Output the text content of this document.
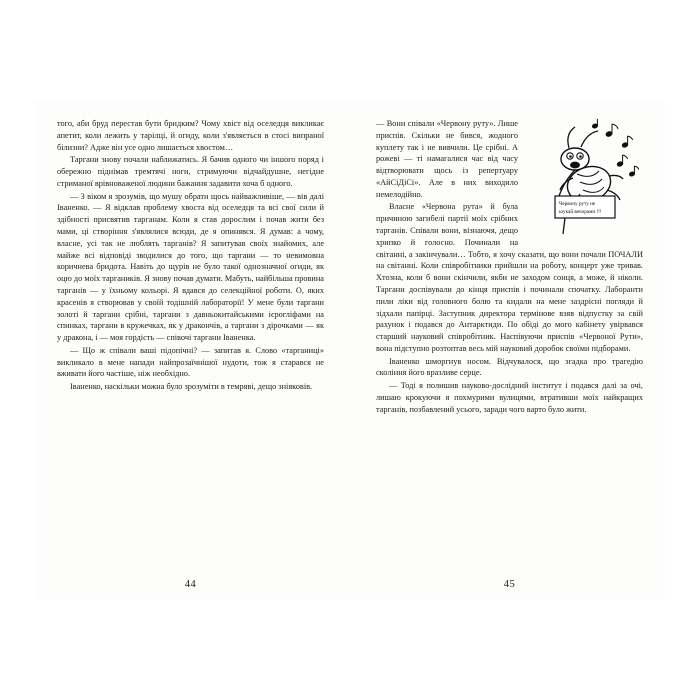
того, аби бруд перестав бути бридким? Чому хвіст від оселедця викликає апетит, коли лежить у тарілці, й огиду, коли з'являється в стосі випраної білизни? Адже він усе одно лишається хвостом…

Таргани знову почали наближатись. Я бачив одного чи іншого поряд і обережно піднімав тремтячі ноги, стримуючи відчайдушне, негідне стриманої врівноваженої людини бажання задавити хоча б одного.

— З віком я зрозумів, що мушу обрати щось найважливіше, — вів далі Іваненко. — Я відклав проблему хвоста від оселедця та всі свої сили й здібності присвятив тарганам. Коли я став дорослим і почав жити без мами, ці створіння з'являлися всюди, де я опинявся. Я думав: а чому, власне, усі так не люблять тарганів? Я запитував своїх знайомих, але майже всі відповіді зводилися до того, що таргани — то невимовна коричнева бридота. Навіть до щурів не було такої однозначної огиди, як оцю до моїх таргаників. Я знову почав думати. Мабуть, найбільша провина тарганів — у їхньому кольорі. Я вдався до селекційної роботи. О, яких красенів я створював у своїй тодішній лабораторії! У мене були таргани золоті й таргани срібні, таргани з давньокитайськими ієрогліфами на спинках, таргани в кружечках, як у дракончів, а таргани з дірочками — як у дракона, і — моя гордість — співочі таргани Іваненка.

— Що ж співали ваші підопічні? — запитав я. Слово «тарганиці» викликало в мене напади найпрозаїчнішої нудоти, тож я старався не вживати його частіше, ніж необхідно.

Іваненко, наскільки можна було зрозуміти в темряві, дещо зніяковів.

44
Червону руту не
шукай вечорами !!!

— Вони співали «Червону руту». Лише приспів. Скільки не бився, жодного куплету так і не вивчили. Це срібні. А рожеві — ті намагалися час від часу відтворювати щось із репертуару «АйСіДіСі». Але в них виходило немелодійно.

Власне «Червона рута» й була причиною загибелі партії моїх срібних тарганів. Співали вони, візнаючя, дещо хрипко й голосно. Починали на світанні, а закінчували… Тобто, я хочу сказати, що вони почали ПОЧАЛИ на світанні. Коли співробітники прийшли на роботу, концерт уже тривав. Хтозна, коли б вони скінчили, якби не заходом сонця, а може, й ніколи. Таргани доспівували до кінця приспів і починали спочатку. Лаборанти пили ліки від головного болю та кидали на мене заздрісні погляди й зідхали папірці. Заступник директора термінове взяв відпустку за свій рахунок і подався до Антарктиди. По обіді до мого кабінету увірвався старший науковий співробітник. Наспівуючи приспів «Червоної Рути», вона підступно розтоптав весь мій науковий доробок своїми підборами.

Іваненко шморгнув носом. Відчувалося, що згадка про трагедію скоління його вразливе серце.

— Тоді я полишив науково-дослідний інститут і подався далі за очі, лишаю крокуючи я похмурими вулицями, втративши моїх найкращих тарганів, позбавлений усього, заради чого варто було жити.

45
